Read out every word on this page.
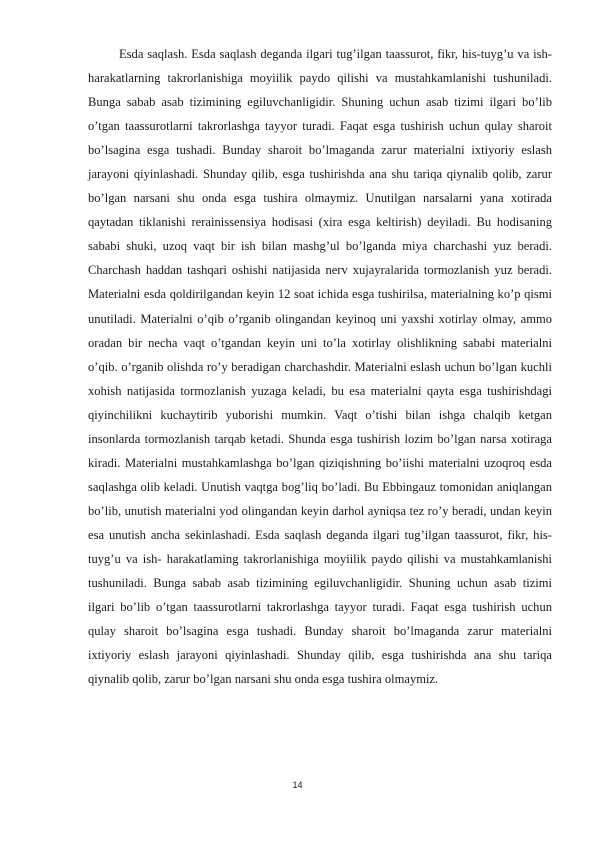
Esda saqlash. Esda saqlash deganda ilgari tug’ilgan taassurot, fikr, his-tuyg’u va ish- harakatlarning takrorlanishiga moyiilik paydo qilishi va mustahkamlanishi tushuniladi. Bunga sabab asab tizimining egiluvchanligidir. Shuning uchun asab tizimi ilgari bo’lib o’tgan taassurotlarni takrorlashga tayyor turadi. Faqat esga tushirish uchun qulay sharoit bo’lsagina esga tushadi. Bunday sharoit bo’lmaganda zarur materialni ixtiyoriy eslash jarayoni qiyinlashadi. Shunday qilib, esga tushirishda ana shu tariqa qiynalib qolib, zarur bo’lgan narsani shu onda esga tushira olmaymiz. Unutilgan narsalarni yana xotirada qaytadan tiklanishi rerainissensiya hodisasi (xira esga keltirish) deyiladi. Bu hodisaning sababi shuki, uzoq vaqt bir ish bilan mashg’ul bo’lganda miya charchashi yuz beradi. Charchash haddan tashqari oshishi natijasida nerv xujayralarida tormozlanish yuz beradi. Materialni esda qoldirilgandan keyin 12 soat ichida esga tushirilsa, materialning ko’p qismi unutiladi. Materialni o’qib o’rganib olingandan keyinoq uni yaxshi xotirlay olmay, ammo oradan bir necha vaqt o’tgandan keyin uni to’la xotirlay olishlikning sababi materialni o’qib. o’rganib olishda ro’y beradigan charchashdir. Materialni eslash uchun bo’lgan kuchli xohish natijasida tormozlanish yuzaga keladi, bu esa materialni qayta esga tushirishdagi qiyinchilikni kuchaytirib yuborishi mumkin. Vaqt o’tishi bilan ishga chalqib ketgan insonlarda tormozlanish tarqab ketadi. Shunda esga tushirish lozim bo’lgan narsa xotiraga kiradi. Materialni mustahkamlashga bo’lgan qiziqishning bo’iishi materialni uzoqroq esda saqlashga olib keladi. Unutish vaqtga bog’liq bo’ladi. Bu Ebbingauz tomonidan aniqlangan bo’lib, unutish materialni yod olingandan keyin darhol ayniqsa tez ro’y beradi, undan keyin esa unutish ancha sekinlashadi. Esda saqlash deganda ilgari tug’ilgan taassurot, fikr, his-tuyg’u va ish- harakatlaming takrorlanishiga moyiilik paydo qilishi va mustahkamlanishi tushuniladi. Bunga sabab asab tizimining egiluvchanligidir. Shuning uchun asab tizimi ilgari bo’lib o’tgan taassurotlarni takrorlashga tayyor turadi. Faqat esga tushirish uchun qulay sharoit bo’lsagina esga tushadi. Bunday sharoit bo’lmaganda zarur materialni ixtiyoriy eslash jarayoni qiyinlashadi. Shunday qilib, esga tushirishda ana shu tariqa qiynalib qolib, zarur bo’lgan narsani shu onda esga tushira olmaymiz.

14
